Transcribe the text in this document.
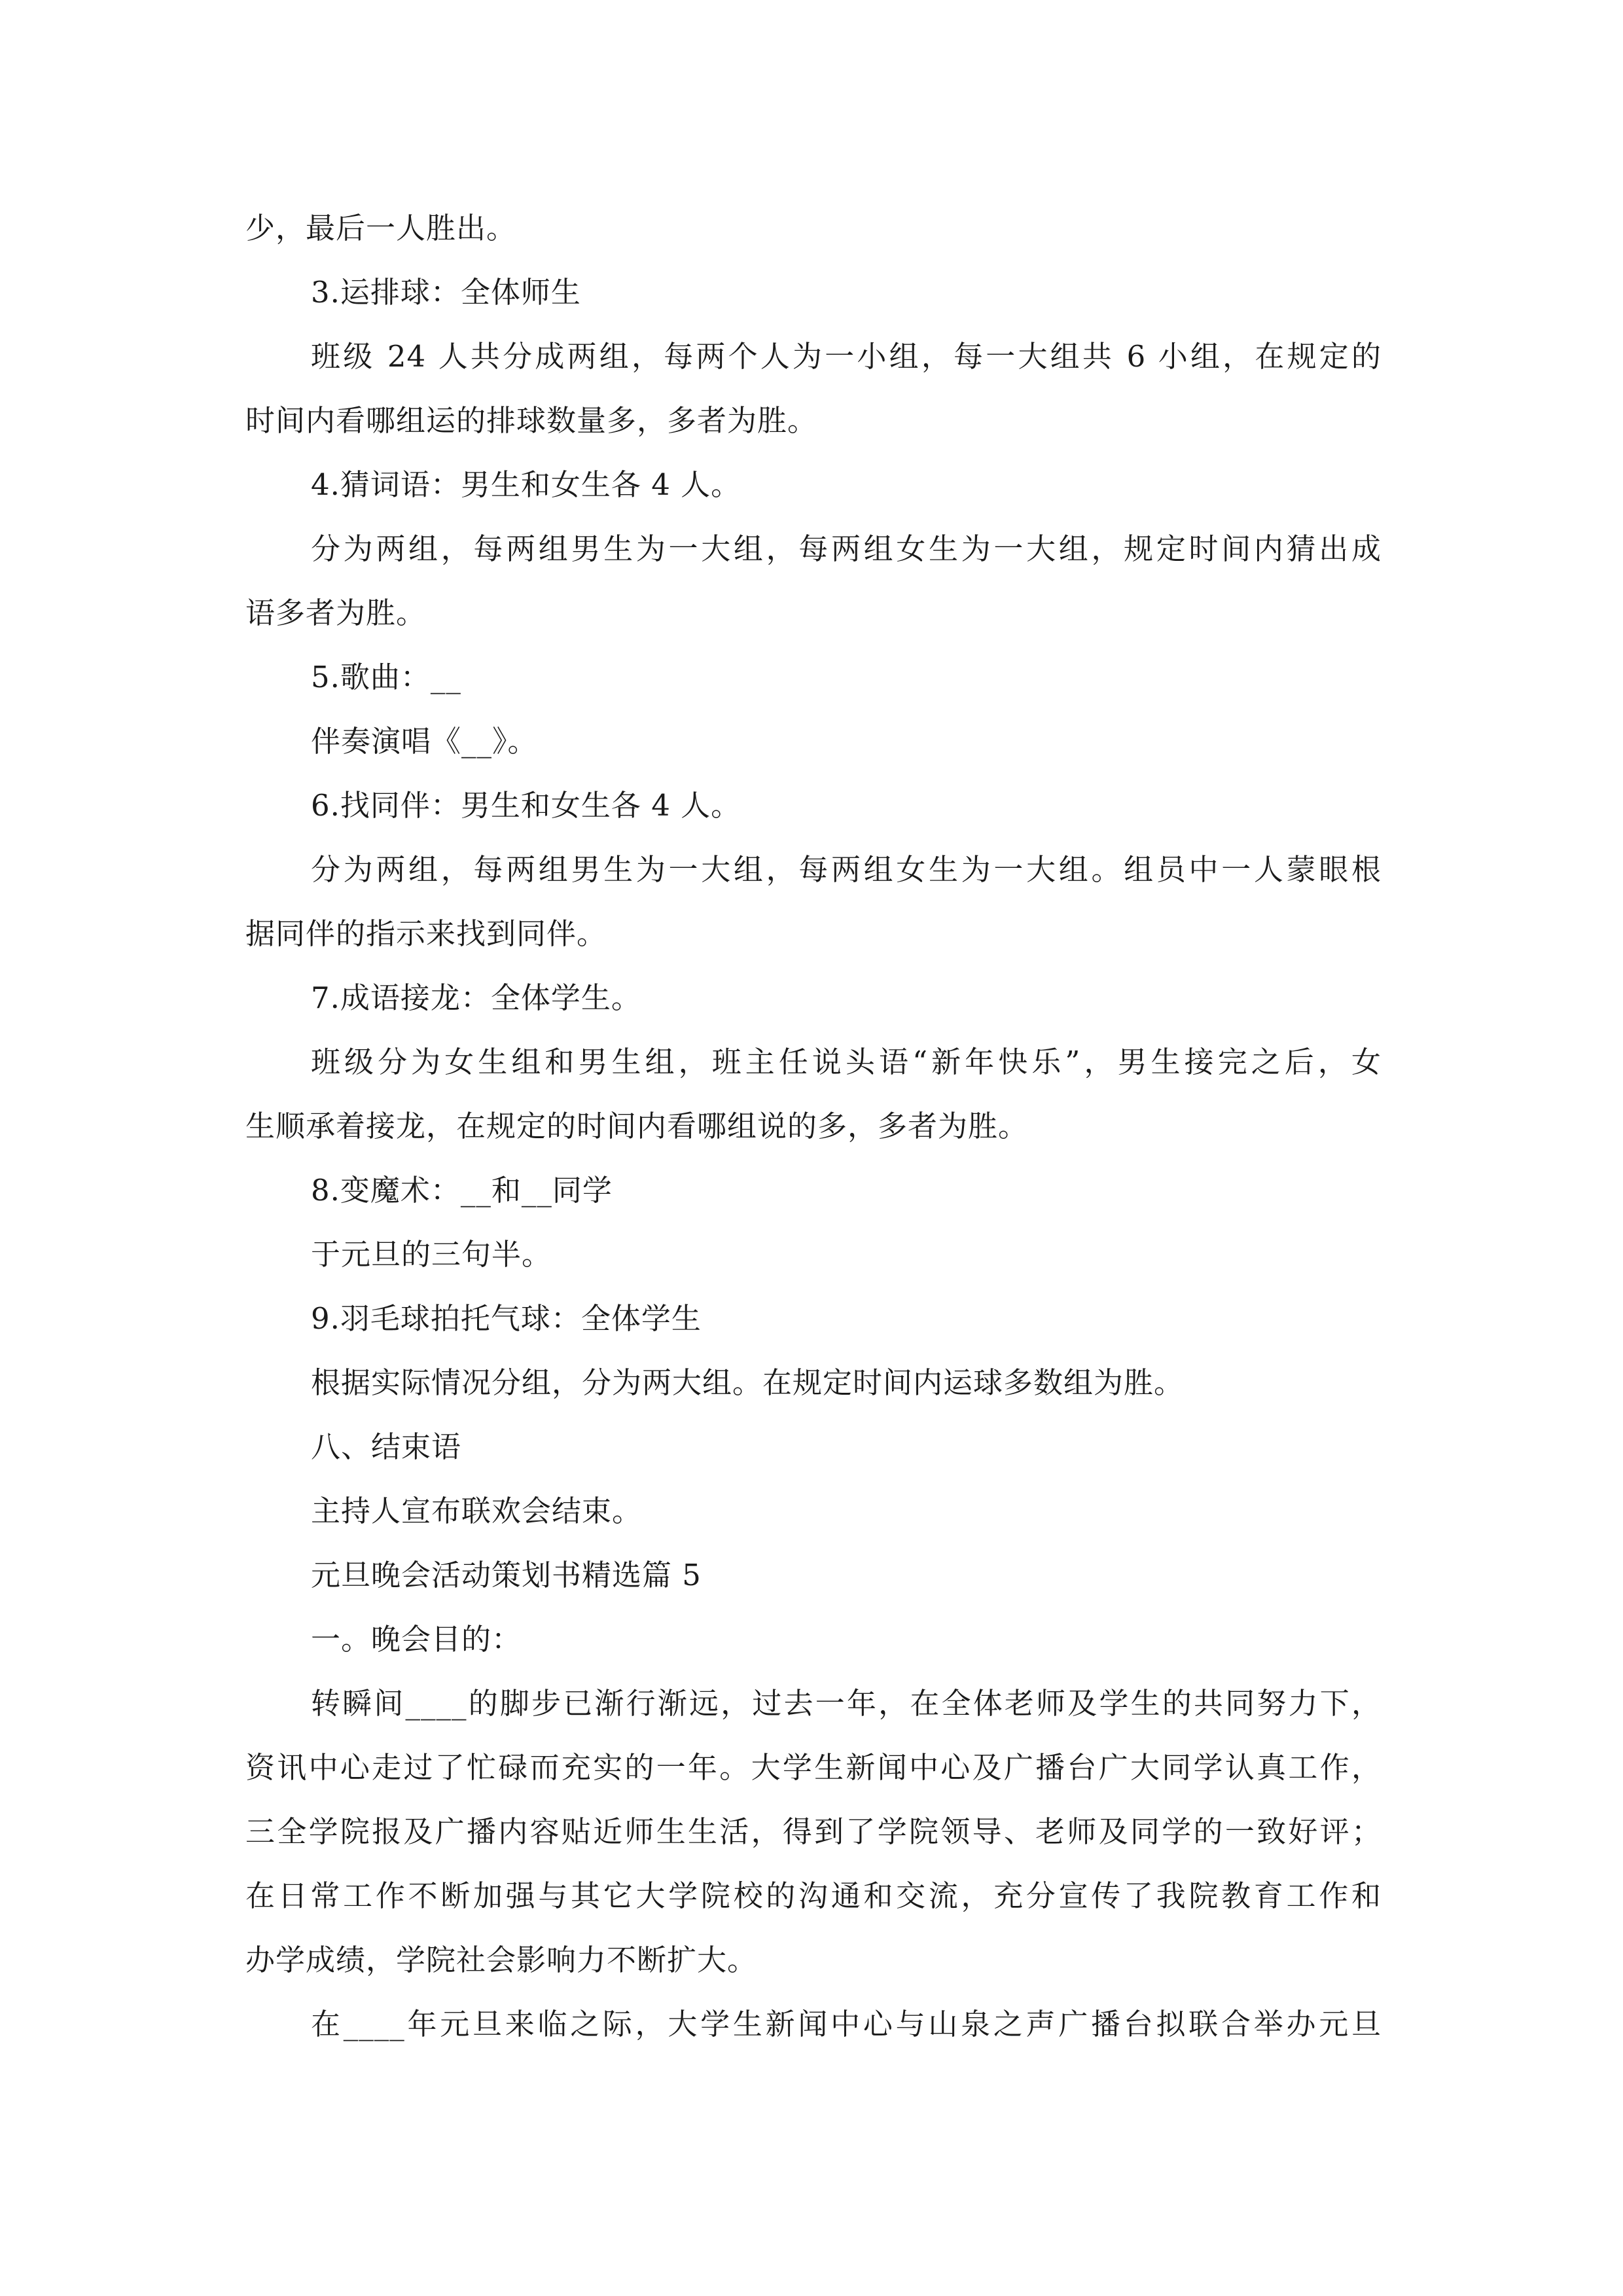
少，最后一人胜出。
3.运排球：全体师生
班级 24 人共分成两组，每两个人为一小组，每一大组共 6 小组，在规定的
时间内看哪组运的排球数量多，多者为胜。
4.猜词语：男生和女生各 4 人。
分为两组，每两组男生为一大组，每两组女生为一大组，规定时间内猜出成
语多者为胜。
5.歌曲：__
伴奏演唱《__》。
6.找同伴：男生和女生各 4 人。
分为两组，每两组男生为一大组，每两组女生为一大组。组员中一人蒙眼根
据同伴的指示来找到同伴。
7.成语接龙：全体学生。
班级分为女生组和男生组，班主任说头语“新年快乐”，男生接完之后，女
生顺承着接龙，在规定的时间内看哪组说的多，多者为胜。
8.变魔术：__和__同学
于元旦的三句半。
9.羽毛球拍托气球：全体学生
根据实际情况分组，分为两大组。在规定时间内运球多数组为胜。
八、结束语
主持人宣布联欢会结束。
元旦晚会活动策划书精选篇 5
一。晚会目的：
转瞬间____的脚步已渐行渐远，过去一年，在全体老师及学生的共同努力下，
资讯中心走过了忙碌而充实的一年。大学生新闻中心及广播台广大同学认真工作，
三全学院报及广播内容贴近师生生活，得到了学院领导、老师及同学的一致好评；
在日常工作不断加强与其它大学院校的沟通和交流，充分宣传了我院教育工作和
办学成绩，学院社会影响力不断扩大。
在____年元旦来临之际，大学生新闻中心与山泉之声广播台拟联合举办元旦
